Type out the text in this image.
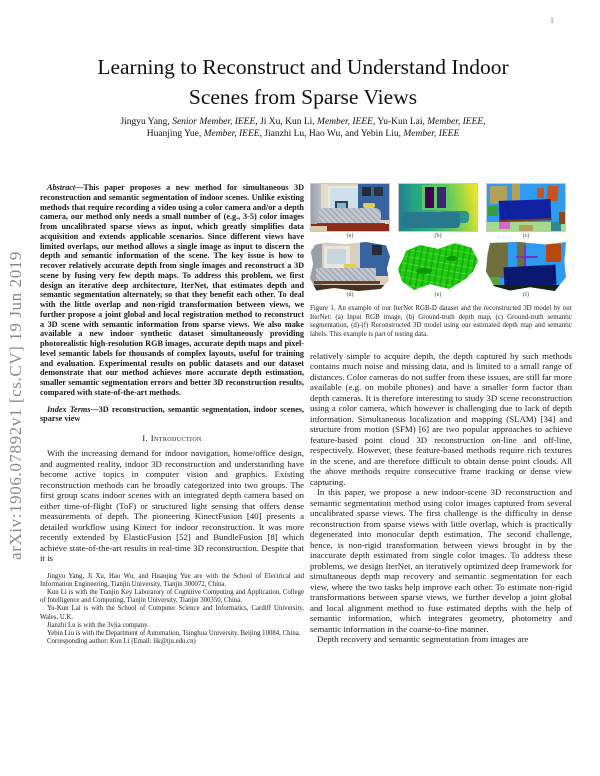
1
arXiv:1906.07892v1 [cs.CV] 19 Jun 2019
Learning to Reconstruct and Understand Indoor
Scenes from Sparse Views
Jingyu Yang, Senior Member, IEEE, Ji Xu, Kun Li, Member, IEEE, Yu-Kun Lai, Member, IEEE,
Huanjing Yue, Member, IEEE, Jianzhi Lu, Hao Wu, and Yebin Liu, Member, IEEE

Abstract—This paper proposes a new method for simultaneous 3D reconstruction and semantic segmentation of indoor scenes. Unlike existing methods that require recording a video using a color camera and/or a depth camera, our method only needs a small number of (e.g., 3-5) color images from uncalibrated sparse views as input, which greatly simplifies data acquisition and extends applicable scenarios. Since different views have limited overlaps, our method allows a single image as input to discern the depth and semantic information of the scene. The key issue is how to recover relatively accurate depth from single images and reconstruct a 3D scene by fusing very few depth maps. To address this problem, we first design an iterative deep architecture, IterNet, that estimates depth and semantic segmentation alternately, so that they benefit each other. To deal with the little overlap and non-rigid transformation between views, we further propose a joint global and local registration method to reconstruct a 3D scene with semantic information from sparse views. We also make available a new indoor synthetic dataset simultaneously providing photorealistic high-resolution RGB images, accurate depth maps and pixel-level semantic labels for thousands of complex layouts, useful for training and evaluation. Experimental results on public datasets and our dataset demonstrate that our method achieves more accurate depth estimation, smaller semantic segmentation errors and better 3D reconstruction results, compared with state-of-the-art methods.

Index Terms—3D reconstruction, semantic segmentation, indoor scenes, sparse view

I. Introduction

With the increasing demand for indoor navigation, home/office design, and augmented reality, indoor 3D reconstruction and understanding have become active topics in computer vision and graphics. Existing reconstruction methods can be broadly categorized into two groups. The first group scans indoor scenes with an integrated depth camera based on either time-of-flight (ToF) or structured light sensing that offers dense measurements of depth. The pioneering KinectFusion [40] presents a detailed workflow using Kinect for indoor reconstruction. It was more recently extended by ElasticFusion [52] and BundleFusion [8] which achieve state-of-the-art results in real-time 3D reconstruction. Despite that it is

Jingyu Yang, Ji Xu, Hao Wu, and Huanjing Yue are with the School of Electrical and Information Engineering, Tianjin University, Tianjin 300072, China.

Kun Li is with the Tianjin Key Laboratory of Cognitive Computing and Application, College of Intelligence and Computing, Tianjin University, Tianjin 300350, China.

Yu-Kun Lai is with the School of Computer Science and Informatics, Cardiff University, Wales, U.K.

Jianzhi Lu is with the 3vjia company.

Yebin Liu is with the Department of Automation, Tsinghua University, Beijing 10084, China.

Corresponding author: Kun Li (Email: lik@tju.edu.cn)

(a)	(b)	(c)
(d)	(e)	(f)
Figure 1. An example of our IterNet RGB-D dataset and the reconstructed 3D model by our IterNet: (a) Input RGB image, (b) Ground-truth depth map, (c) Ground-truth semantic segmentation, (d)-(f) Reconstructed 3D model using our estimated depth map and semantic labels. This example is part of testing data.

relatively simple to acquire depth, the depth captured by such methods contains much noise and missing data, and is limited to a small range of distances. Color cameras do not suffer from these issues, are still far more available (e.g. on mobile phones) and have a smaller form factor than depth cameras. It is therefore interesting to study 3D scene reconstruction using a color camera, which however is challenging due to lack of depth information. Simultaneous localization and mapping (SLAM) [34] and structure from motion (SFM) [6] are two popular approaches to achieve feature-based point cloud 3D reconstruction on-line and off-line, respectively. However, these feature-based methods require rich textures in the scene, and are therefore difficult to obtain dense point clouds. All the above methods require consecutive frame tracking or dense view capturing.

In this paper, we propose a new indoor-scene 3D reconstruction and semantic segmentation method using color images captured from several uncalibrated sparse views. The first challenge is the difficulty in dense reconstruction from sparse views with little overlap, which is practically degenerated into monocular depth estimation. The second challenge, hence, is non-rigid transformation between views brought in by the inaccurate depth estimated from single color images. To address these problems, we design IterNet, an iteratively optimized deep framework for simultaneous depth map recovery and semantic segmentation for each view, where the two tasks help improve each other. To estimate non-rigid transformations between sparse views, we further develop a joint global and local alignment method to fuse estimated depths with the help of semantic information, which integrates geometry, photometry and semantic information in the coarse-to-fine manner.

Depth recovery and semantic segmentation from images are
